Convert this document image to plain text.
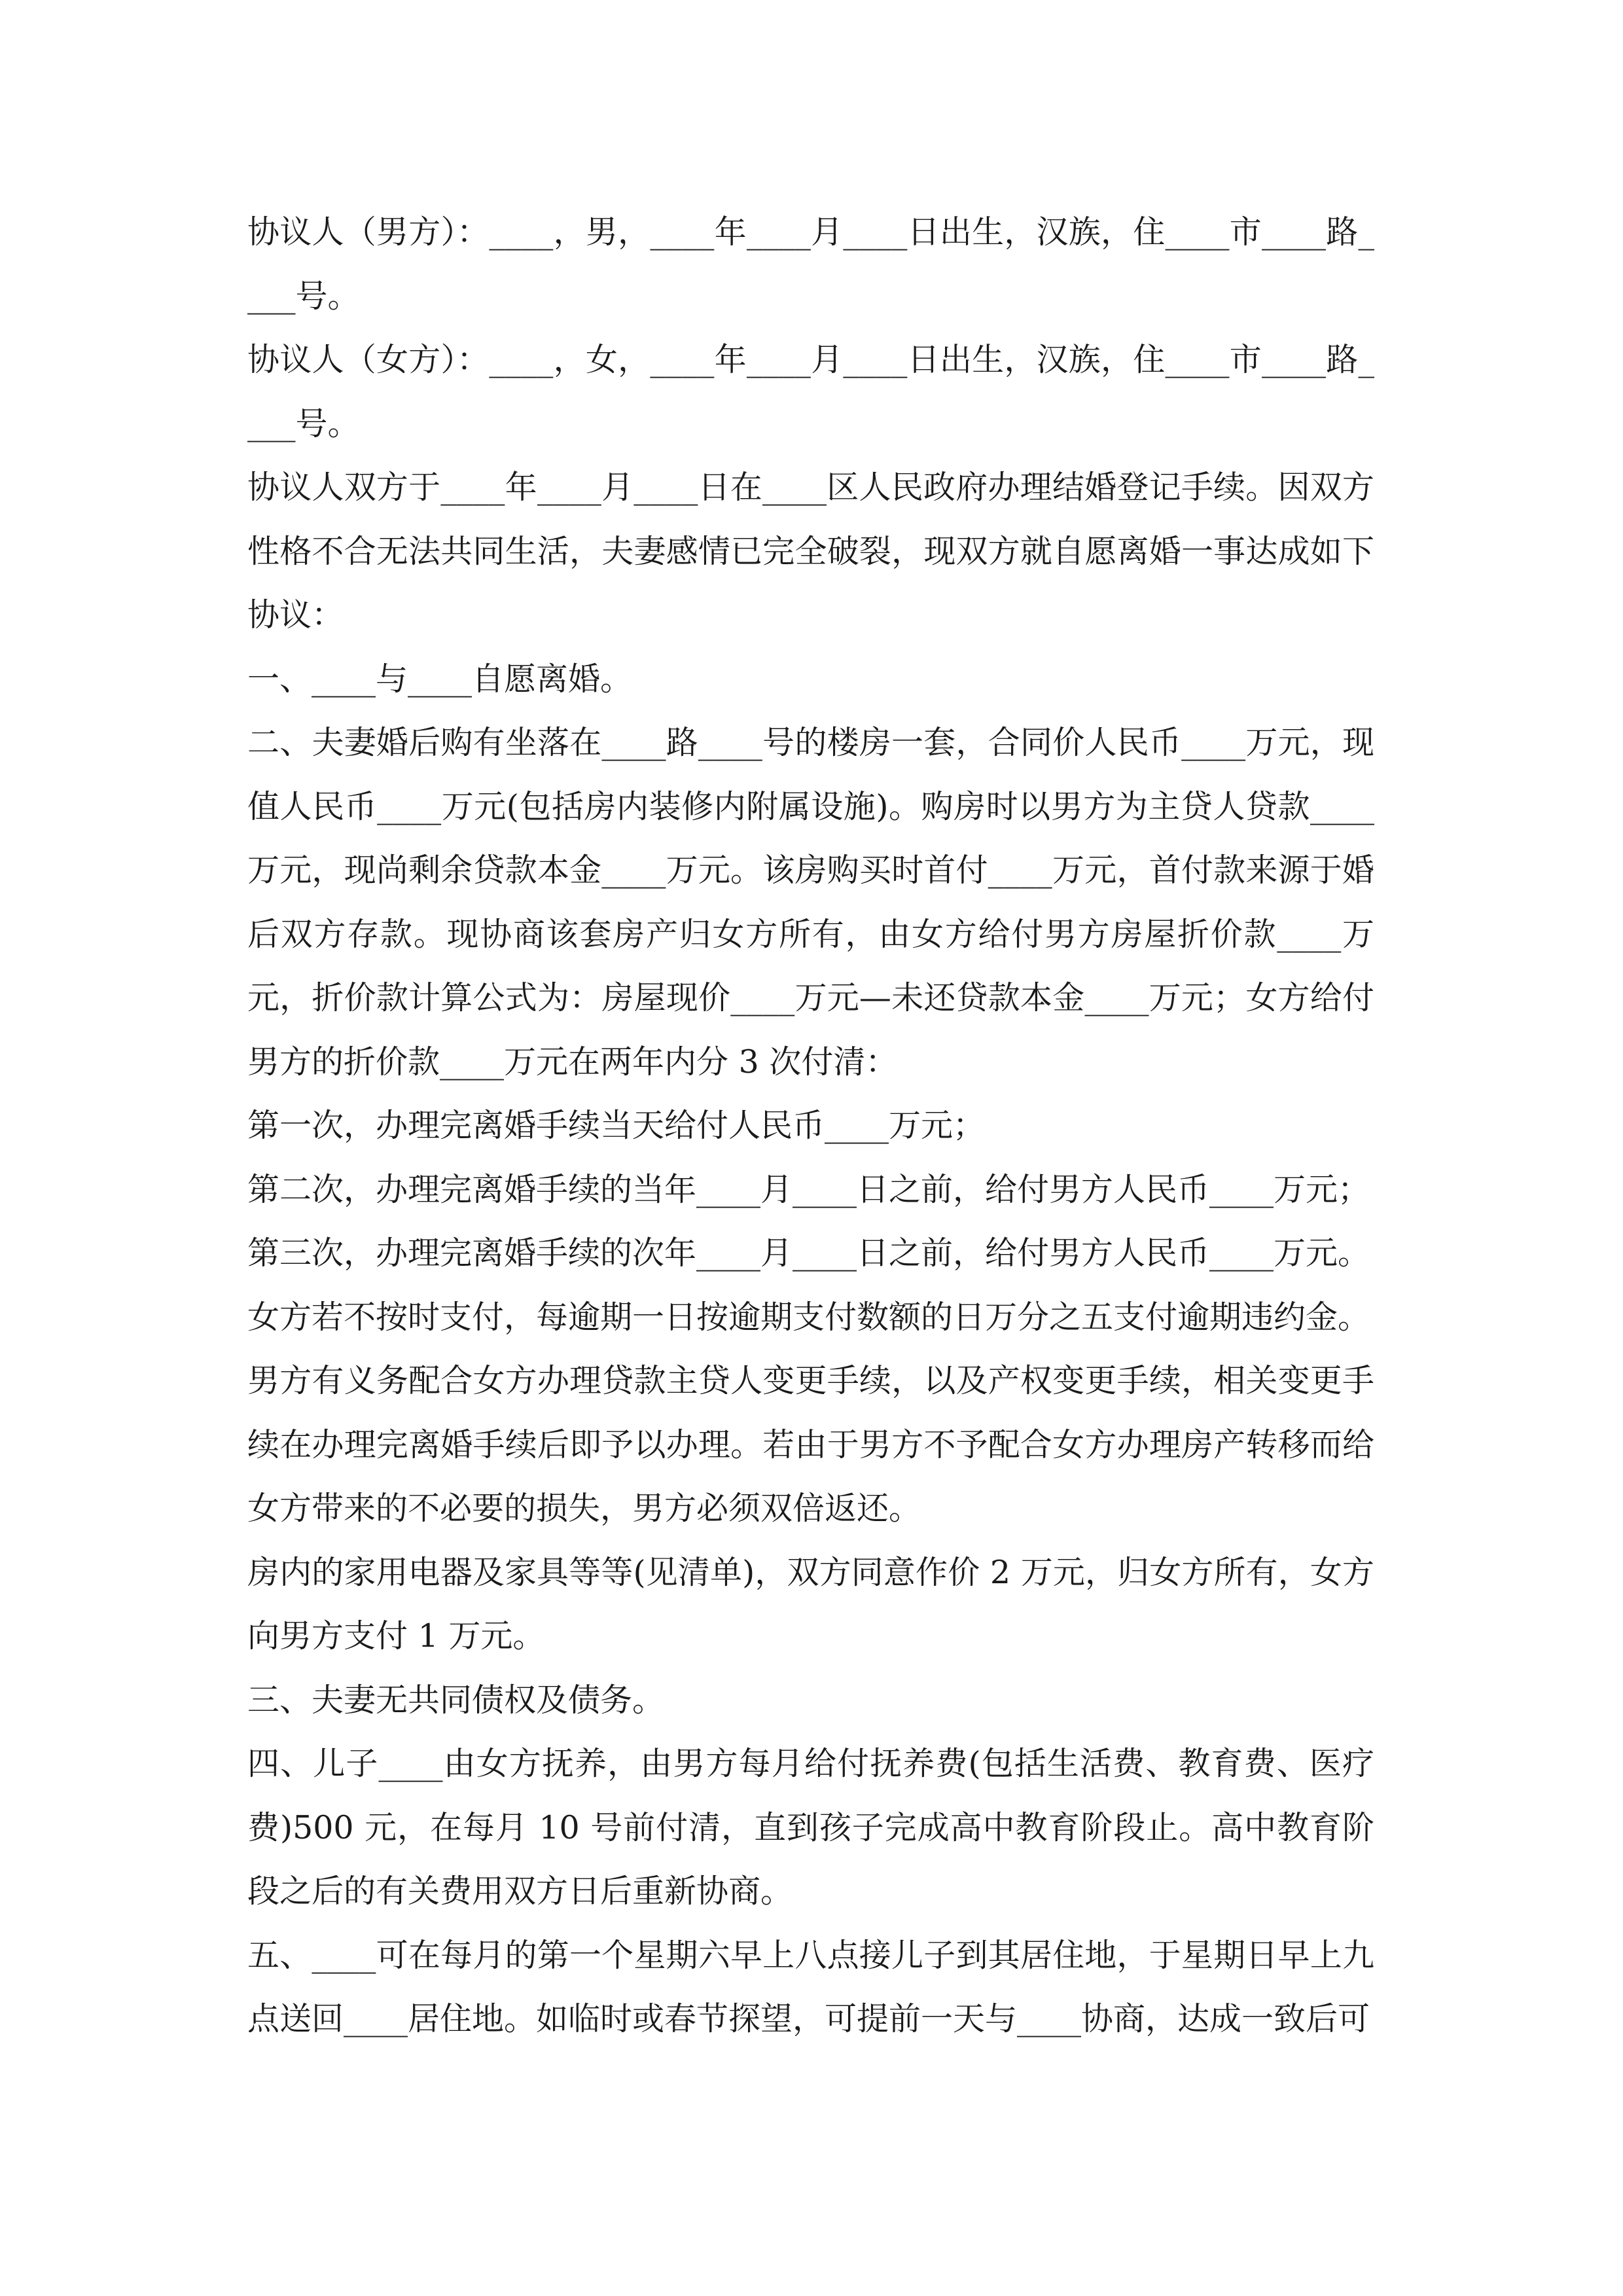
协议人（男方）：____，男，____年____月____日出生，汉族，住____市____路____号。

协议人（女方）：____，女，____年____月____日出生，汉族，住____市____路____号。

协议人双方于____年____月____日在____区人民政府办理结婚登记手续。因双方性格不合无法共同生活，夫妻感情已完全破裂，现双方就自愿离婚一事达成如下协议：

一、____与____自愿离婚。

二、夫妻婚后购有坐落在____路____号的楼房一套，合同价人民币____万元，现值人民币____万元(包括房内装修内附属设施)。购房时以男方为主贷人贷款____万元，现尚剩余贷款本金____万元。该房购买时首付____万元，首付款来源于婚后双方存款。现协商该套房产归女方所有，由女方给付男方房屋折价款____万元，折价款计算公式为：房屋现价____万元—未还贷款本金____万元；女方给付男方的折价款____万元在两年内分 3 次付清：

第一次，办理完离婚手续当天给付人民币____万元；

第二次，办理完离婚手续的当年____月____日之前，给付男方人民币____万元；

第三次，办理完离婚手续的次年____月____日之前，给付男方人民币____万元。

女方若不按时支付，每逾期一日按逾期支付数额的日万分之五支付逾期违约金。

男方有义务配合女方办理贷款主贷人变更手续，以及产权变更手续，相关变更手续在办理完离婚手续后即予以办理。若由于男方不予配合女方办理房产转移而给女方带来的不必要的损失，男方必须双倍返还。

房内的家用电器及家具等等(见清单)，双方同意作价 2 万元，归女方所有，女方向男方支付 1 万元。

三、夫妻无共同债权及债务。

四、儿子____由女方抚养，由男方每月给付抚养费(包括生活费、教育费、医疗费)500 元，在每月 10 号前付清，直到孩子完成高中教育阶段止。高中教育阶段之后的有关费用双方日后重新协商。

五、____可在每月的第一个星期六早上八点接儿子到其居住地，于星期日早上九点送回____居住地。如临时或春节探望，可提前一天与____协商，达成一致后可
